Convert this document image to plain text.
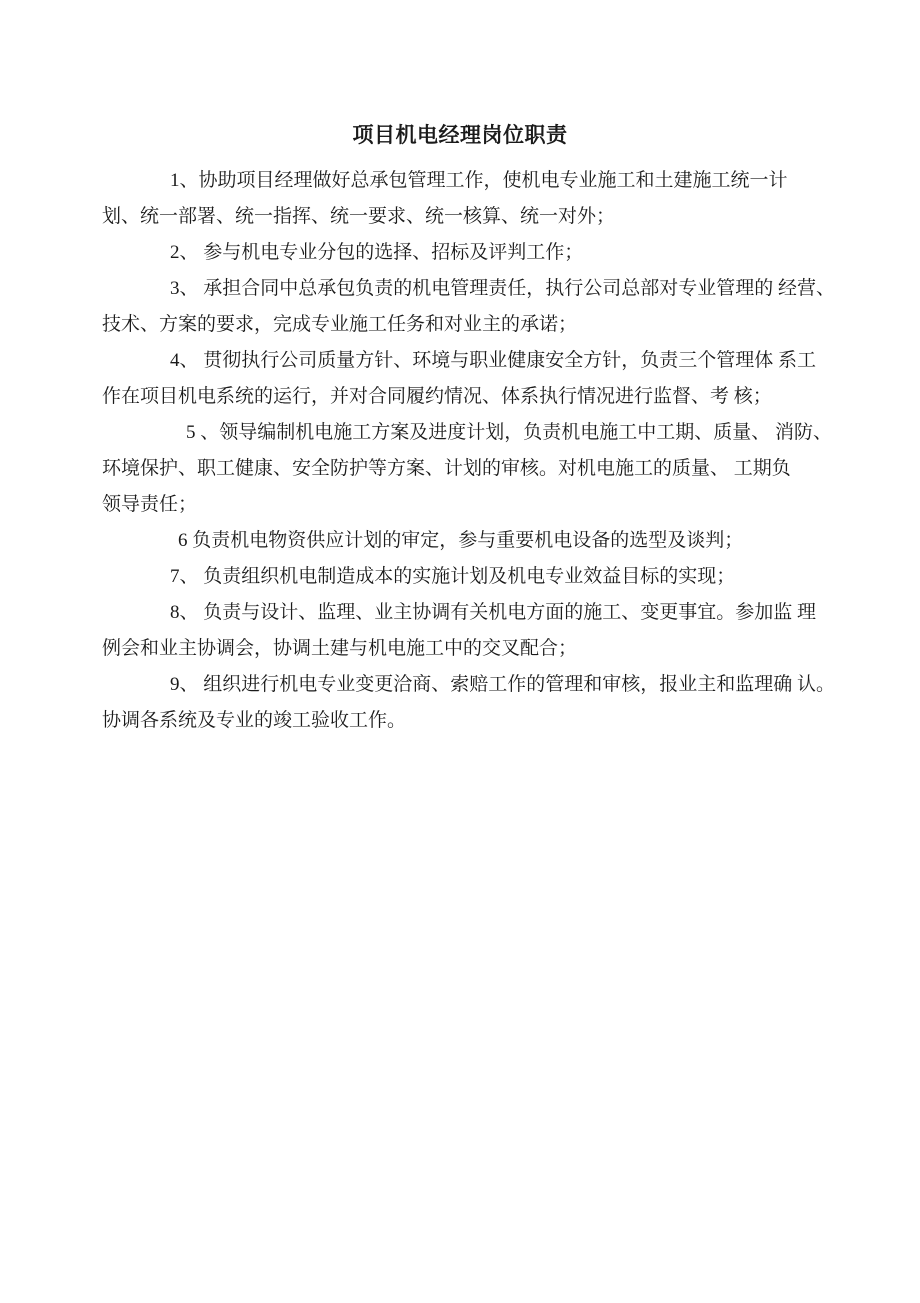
项目机电经理岗位职责
1、协助项目经理做好总承包管理工作，使机电专业施工和土建施工统一计
划、统一部署、统一指挥、统一要求、统一核算、统一对外；
2、 参与机电专业分包的选择、招标及评判工作；
3、 承担合同中总承包负责的机电管理责任，执行公司总部对专业管理的 经营、
技术、方案的要求，完成专业施工任务和对业主的承诺；
4、 贯彻执行公司质量方针、环境与职业健康安全方针，负责三个管理体 系工
作在项目机电系统的运行，并对合同履约情况、体系执行情况进行监督、考 核；
5 、领导编制机电施工方案及进度计划，负责机电施工中工期、质量、 消防、
环境保护、职工健康、安全防护等方案、计划的审核。对机电施工的质量、 工期负
领导责任；
6 负责机电物资供应计划的审定，参与重要机电设备的选型及谈判；
7、 负责组织机电制造成本的实施计划及机电专业效益目标的实现；
8、 负责与设计、监理、业主协调有关机电方面的施工、变更事宜。参加监 理
例会和业主协调会，协调土建与机电施工中的交叉配合；
9、 组织进行机电专业变更洽商、索赔工作的管理和审核，报业主和监理确 认。
协调各系统及专业的竣工验收工作。
